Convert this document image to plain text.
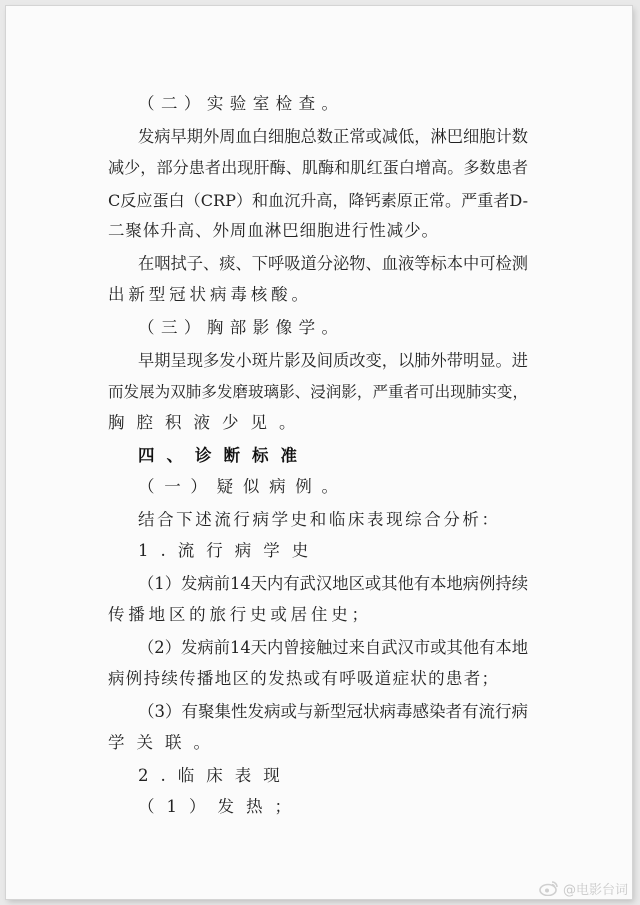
（二）实验室检查。
发病早期外周血白细胞总数正常或减低，淋巴细胞计数
减少，部分患者出现肝酶、肌酶和肌红蛋白增高。多数患者
C反应蛋白（CRP）和血沉升高，降钙素原正常。严重者D-
二聚体升高、外周血淋巴细胞进行性减少。
在咽拭子、痰、下呼吸道分泌物、血液等标本中可检测
出新型冠状病毒核酸。
（三）胸部影像学。
早期呈现多发小斑片影及间质改变，以肺外带明显。进
而发展为双肺多发磨玻璃影、浸润影，严重者可出现肺实变，
胸腔积液少见。
四、诊断标准
（一）疑似病例。
结合下述流行病学史和临床表现综合分析：
1.流行病学史
（1）发病前14天内有武汉地区或其他有本地病例持续
传播地区的旅行史或居住史；
（2）发病前14天内曾接触过来自武汉市或其他有本地
病例持续传播地区的发热或有呼吸道症状的患者；
（3）有聚集性发病或与新型冠状病毒感染者有流行病
学关联。
2.临床表现
（1）发热；
@电影台词
